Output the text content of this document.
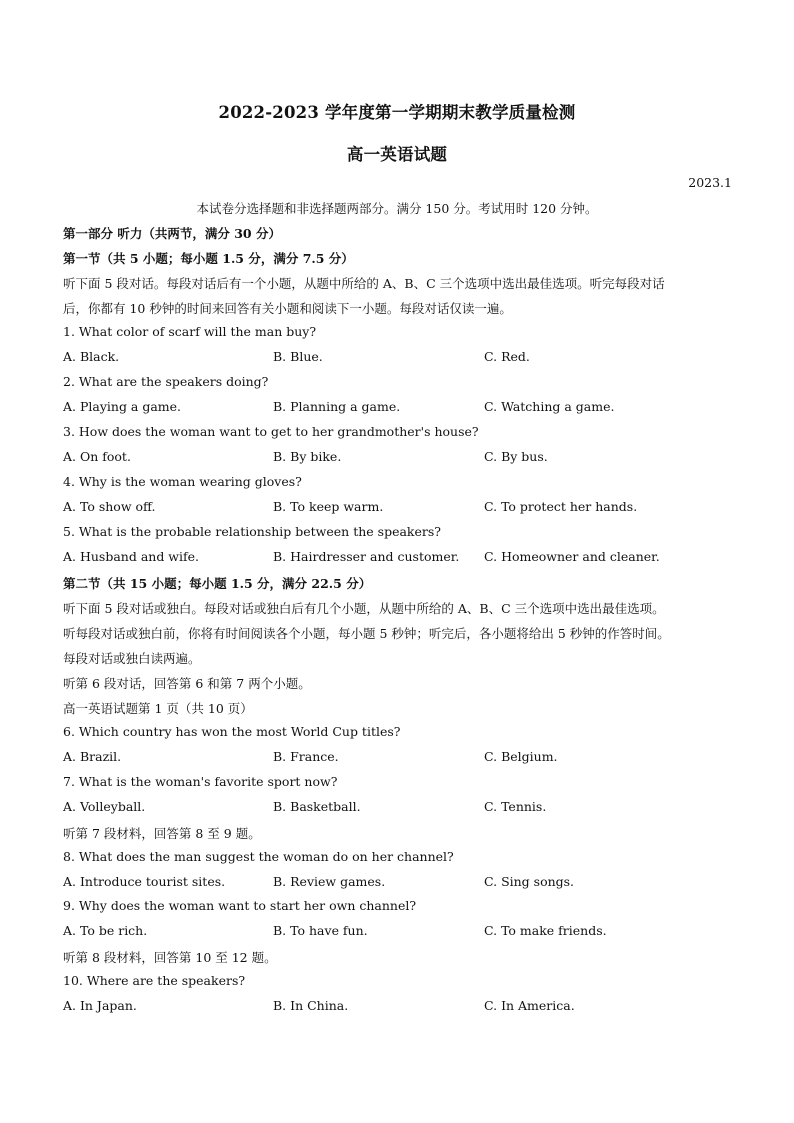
2022-2023 学年度第一学期期末教学质量检测
高一英语试题
2023.1
本试卷分选择题和非选择题两部分。满分 150 分。考试用时 120 分钟。
第一部分 听力（共两节，满分 30 分）
第一节（共 5 小题；每小题 1.5 分，满分 7.5 分）
听下面 5 段对话。每段对话后有一个小题，从题中所给的 A、B、C 三个选项中选出最佳选项。听完每段对话
后，你都有 10 秒钟的时间来回答有关小题和阅读下一小题。每段对话仅读一遍。
1. What color of scarf will the man buy?
A. Black.	B. Blue.	C. Red.
2. What are the speakers doing?
A. Playing a game.	B. Planning a game.	C. Watching a game.
3. How does the woman want to get to her grandmother's house?
A. On foot.	B. By bike.	C. By bus.
4. Why is the woman wearing gloves?
A. To show off.	B. To keep warm.	C. To protect her hands.
5. What is the probable relationship between the speakers?
A. Husband and wife.	B. Hairdresser and customer. C. Homeowner and cleaner.
第二节（共 15 小题；每小题 1.5 分，满分 22.5 分）
听下面 5 段对话或独白。每段对话或独白后有几个小题，从题中所给的 A、B、C 三个选项中选出最佳选项。
听每段对话或独白前，你将有时间阅读各个小题，每小题 5 秒钟；听完后，各小题将给出 5 秒钟的作答时间。
每段对话或独白读两遍。
听第 6 段对话，回答第 6 和第 7 两个小题。
高一英语试题第 1 页（共 10 页）
6. Which country has won the most World Cup titles?
A. Brazil.	B. France.	C. Belgium.
7. What is the woman's favorite sport now?
A. Volleyball.	B. Basketball.	C. Tennis.
听第 7 段材料，回答第 8 至 9 题。
8. What does the man suggest the woman do on her channel?
A. Introduce tourist sites.	B. Review games.	C. Sing songs.
9. Why does the woman want to start her own channel?
A. To be rich.	B. To have fun.	C. To make friends.
听第 8 段材料，回答第 10 至 12 题。
10. Where are the speakers?
A. In Japan.	B. In China.	C. In America.
